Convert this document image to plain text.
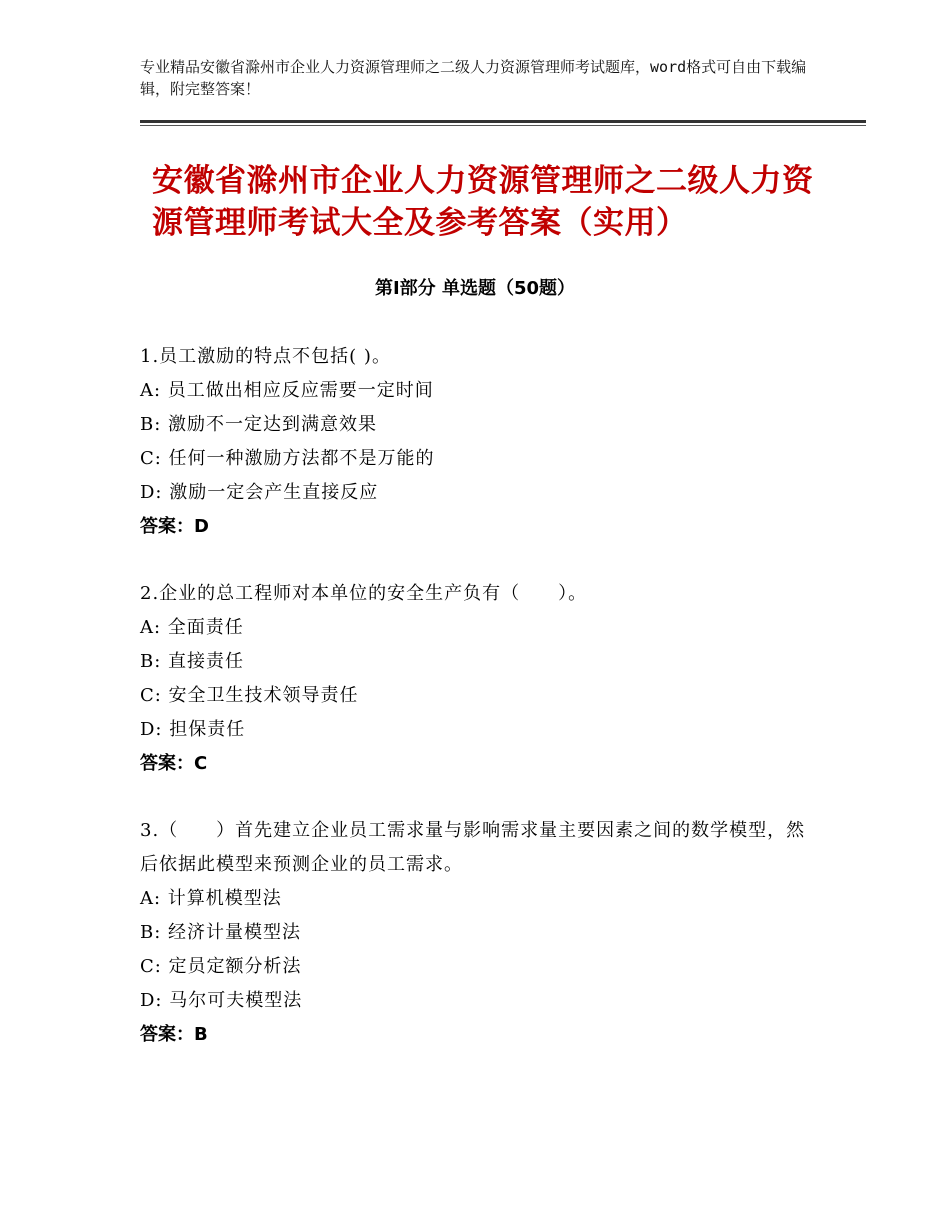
专业精品安徽省滁州市企业人力资源管理师之二级人力资源管理师考试题库，word格式可自由下载编辑，附完整答案！
安徽省滁州市企业人力资源管理师之二级人力资源管理师考试大全及参考答案（实用）
第Ⅰ部分 单选题（50题）
1.员工激励的特点不包括( )。
A: 员工做出相应反应需要一定时间
B: 激励不一定达到满意效果
C: 任何一种激励方法都不是万能的
D: 激励一定会产生直接反应
答案：D
2.企业的总工程师对本单位的安全生产负有（　　）。
A: 全面责任
B: 直接责任
C: 安全卫生技术领导责任
D: 担保责任
答案：C
3.（　　）首先建立企业员工需求量与影响需求量主要因素之间的数学模型，然后依据此模型来预测企业的员工需求。
A: 计算机模型法
B: 经济计量模型法
C: 定员定额分析法
D: 马尔可夫模型法
答案：B
